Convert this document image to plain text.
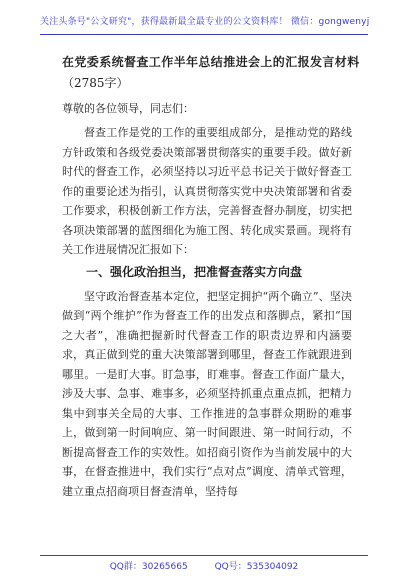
关注头条号"公文研究"，获得最新最全最专业的公文资料库！ 微信：gongwenyj
在党委系统督查工作半年总结推进会上的汇报发言材料

（2785字）

尊敬的各位领导，同志们：

督查工作是党的工作的重要组成部分，是推动党的路线方针政策和各级党委决策部署贯彻落实的重要手段。做好新时代的督查工作，必须坚持以习近平总书记关于做好督查工作的重要论述为指引，认真贯彻落实党中央决策部署和省委工作要求，积极创新工作方法，完善督查督办制度，切实把各项决策部署的蓝图细化为施工图、转化成实景画。现将有关工作进展情况汇报如下：

一、强化政治担当，把准督查落实方向盘

坚守政治督查基本定位，把坚定拥护“两个确立”、坚决做到“两个维护”作为督查工作的出发点和落脚点，紧扣“国之大者”，准确把握新时代督查工作的职责边界和内涵要求，真正做到党的重大决策部署到哪里，督查工作就跟进到哪里。一是盯大事。盯急事，盯难事。督查工作面广量大，涉及大事、急事、难事多，必须坚持抓重点重点抓，把精力集中到事关全局的大事、工作推进的急事群众期盼的难事上，做到第一时间响应、第一时间跟进、第一时间行动，不断提高督查工作的实效性。如招商引资作为当前发展中的大事，在督查推进中，我们实行“点对点”调度、清单式管理，建立重点招商项目督查清单，坚持每

QQ群：30265665	QQ号：535304092
